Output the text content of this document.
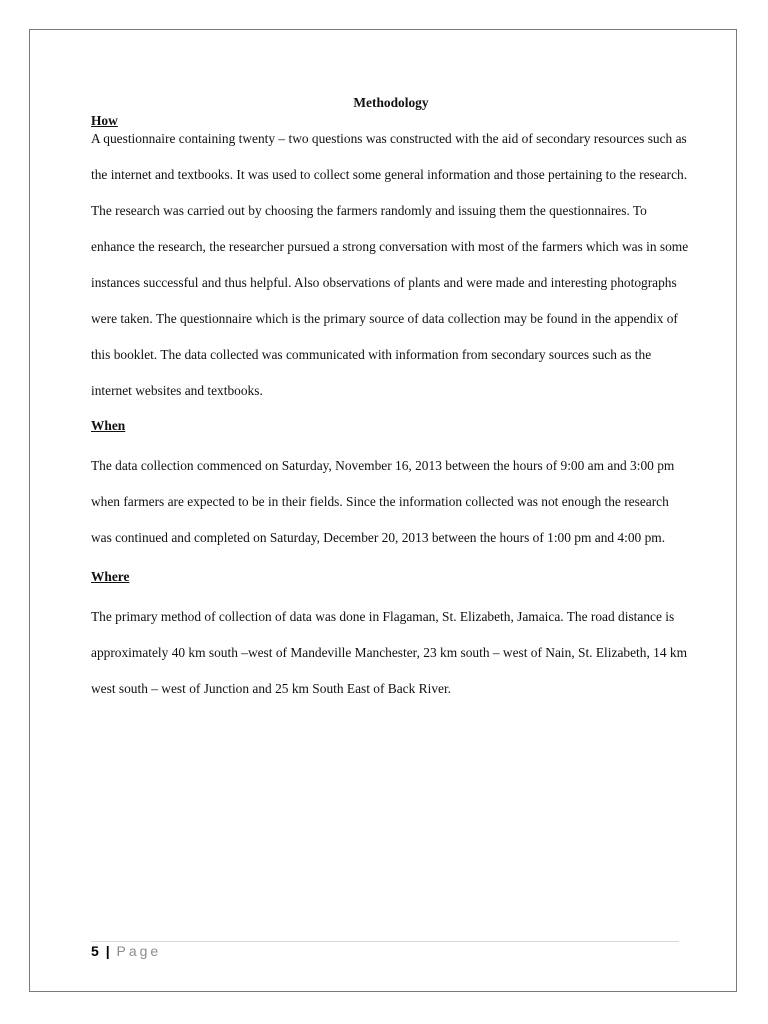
Methodology

How

A questionnaire containing twenty – two questions was constructed with the aid of secondary resources such as the internet and textbooks. It was used to collect some general information and those pertaining to the research. The research was carried out by choosing the farmers randomly and issuing them the questionnaires. To enhance the research, the researcher pursued a strong conversation with most of the farmers which was in some instances successful and thus helpful. Also observations of plants and were made and interesting photographs were taken. The questionnaire which is the primary source of data collection may be found in the appendix of this booklet. The data collected was communicated with information from secondary sources such as the internet websites and textbooks.

When

The data collection commenced on Saturday, November 16, 2013 between the hours of 9:00 am and 3:00 pm when farmers are expected to be in their fields. Since the information collected was not enough the research was continued and completed on Saturday, December 20, 2013 between the hours of 1:00 pm and 4:00 pm.

Where

The primary method of collection of data was done in Flagaman, St. Elizabeth, Jamaica. The road distance is approximately 40 km south –west of Mandeville Manchester, 23 km south – west of Nain, St. Elizabeth, 14 km west south – west of Junction and 25 km South East of Back River.

5 | Page
